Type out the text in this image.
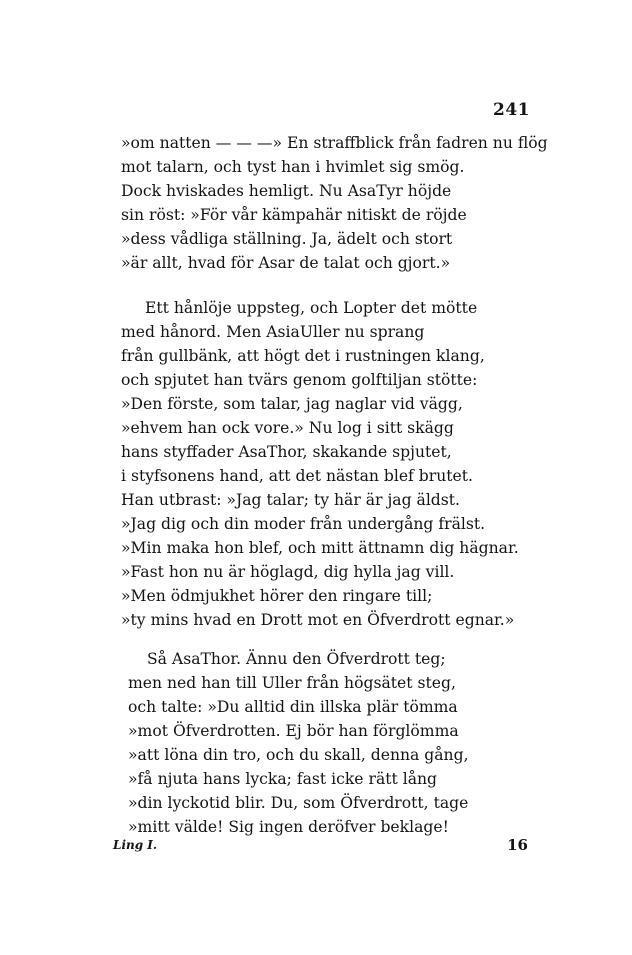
241
»om natten — — —» En straffblick från fadren nu flög
mot talarn, och tyst han i hvimlet sig smög.
Dock hviskades hemligt. Nu AsaTyr höjde
sin röst: »För vår kämpahär nitiskt de röjde
»dess vådliga ställning. Ja, ädelt och stort
»är allt, hvad för Asar de talat och gjort.»
Ett hånlöje uppsteg, och Lopter det mötte
med hånord. Men AsiaUller nu sprang
från gullbänk, att högt det i rustningen klang,
och spjutet han tvärs genom golftiljan stötte:
»Den förste, som talar, jag naglar vid vägg,
»ehvem han ock vore.» Nu log i sitt skägg
hans styffader AsaThor, skakande spjutet,
i styfsonens hand, att det nästan blef brutet.
Han utbrast: »Jag talar; ty här är jag äldst.
»Jag dig och din moder från undergång frälst.
»Min maka hon blef, och mitt ättnamn dig hägnar.
»Fast hon nu är höglagd, dig hylla jag vill.
»Men ödmjukhet hörer den ringare till;
»ty mins hvad en Drott mot en Öfverdrott egnar.»
Så AsaThor. Ännu den Öfverdrott teg;
men ned han till Uller från högsätet steg,
och talte: »Du alltid din illska plär tömma
»mot Öfverdrotten. Ej bör han förglömma
»att löna din tro, och du skall, denna gång,
»få njuta hans lycka; fast icke rätt lång
»din lyckotid blir. Du, som Öfverdrott, tage
»mitt välde! Sig ingen deröfver beklage!
Ling I.	16
